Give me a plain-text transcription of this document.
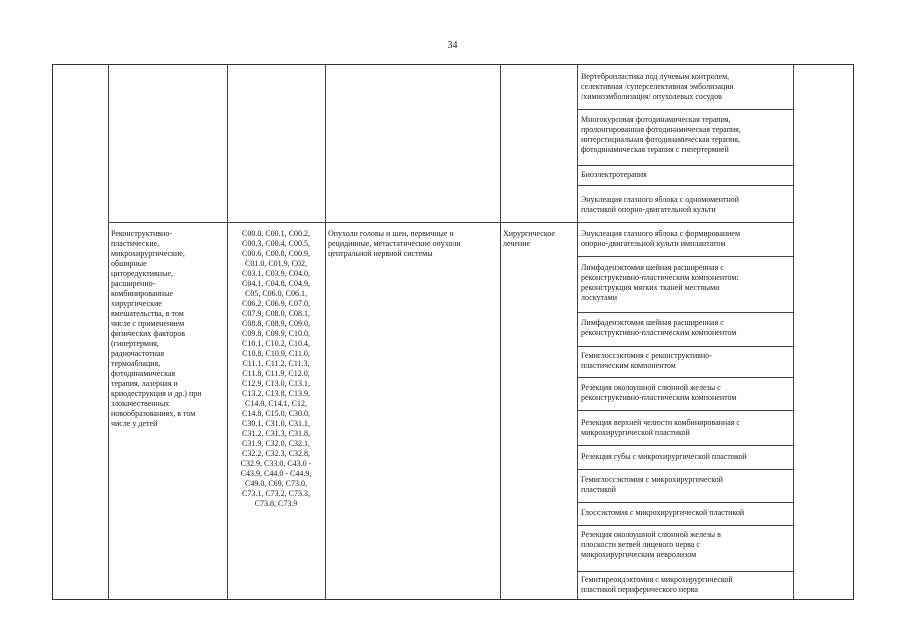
34
Реконструктивно-
пластические,
микрохирургические,
обширные
циторедуктивные,
расширенно-
комбинированные
хирургические
вмешательства, в том
числе с применением
физических факторов
(гипертермия,
радиочастотная
термоаблация,
фотодинамическая
терапия, лазерная и
криодеструкция и др.) при
злокачественных
новообразованиях, в том
числе у детей
С00.0, С00.1, С00.2,
С00.3, С00.4, С00.5,
С00.6, С00.8, С00.9,
С01.0, С01.9, С02,
С03.1, С03.9, С04.0,
С04.1, С04.8, С04.9,
С05, С06.0, С06.1,
С06.2, С06.9, С07.0,
С07.9, С08.0, С08.1,
С08.8, С08.9, С09.0,
С09.8, С09.9, С10.0,
С10.1, С10.2, С10.4,
С10.8, С10.9, С11.0,
С11.1, С11.2, С11.3,
С11.8, С11.9, С12.0,
С12.9, С13.0, С13.1,
С13.2, С13.8, С13.9,
С14.0, С14.1, С12,
С14.8, С15.0, С30.0,
С30.1, С31.0, С31.1,
С31.2, С31.3, С31.8,
С31.9, С32.0, С32.1,
С32.2, С32.3, С32.8,
С32.9, С33.0, С43.0 -
С43.9, С44.0 - С44.9,
С49.0, С69, С73.0,
С73.1, С73.2, С73.3,
С73.8, С73.9
Опухоли головы и шеи, первичные и
рецидивные, метастатические опухоли
центральной нервной системы
Хирургическое
лечение
Вертебропластика под лучевым контролем,
селективная /суперселективная эмболизация
/химиоэмболизация/ опухолевых сосудов
Многокурсовая фотодинамическая терапия,
пролонгированная фотодинамическая терапия,
интерстициальная фотодинамическая терапия,
фотодинамическая терапия с гипертермией
Биоэлектротерапия
Энуклеация глазного яблока с одномоментной
пластикой опорно-двигательной культи
Энуклеация глазного яблока с формированием
опорно-двигательной культи имплантатом
Лимфаденэктомия шейная расширенная с
реконструктивно-пластическим компонентом:
реконструкция мягких тканей местными
лоскутами
Лимфаденэктомия шейная расширенная с
реконструктивно-пластическим компонентом
Гемиглоссэктомия с реконструктивно-
пластическим компонентом
Резекция околоушной слюнной железы с
реконструктивно-пластическим компонентом
Резекция верхней челюсти комбинированная с
микрохирургической пластикой
Резекция губы с микрохирургической пластикой
Гемиглоссэктомия с микрохирургической
пластикой
Глоссэктомия с микрохирургической пластикой
Резекция околоушной слюнной железы в
плоскости ветвей лицевого нерва с
микрохирургическим невролизом
Гемитиреоидэктомия с микрохирургической
пластикой периферического нерва
